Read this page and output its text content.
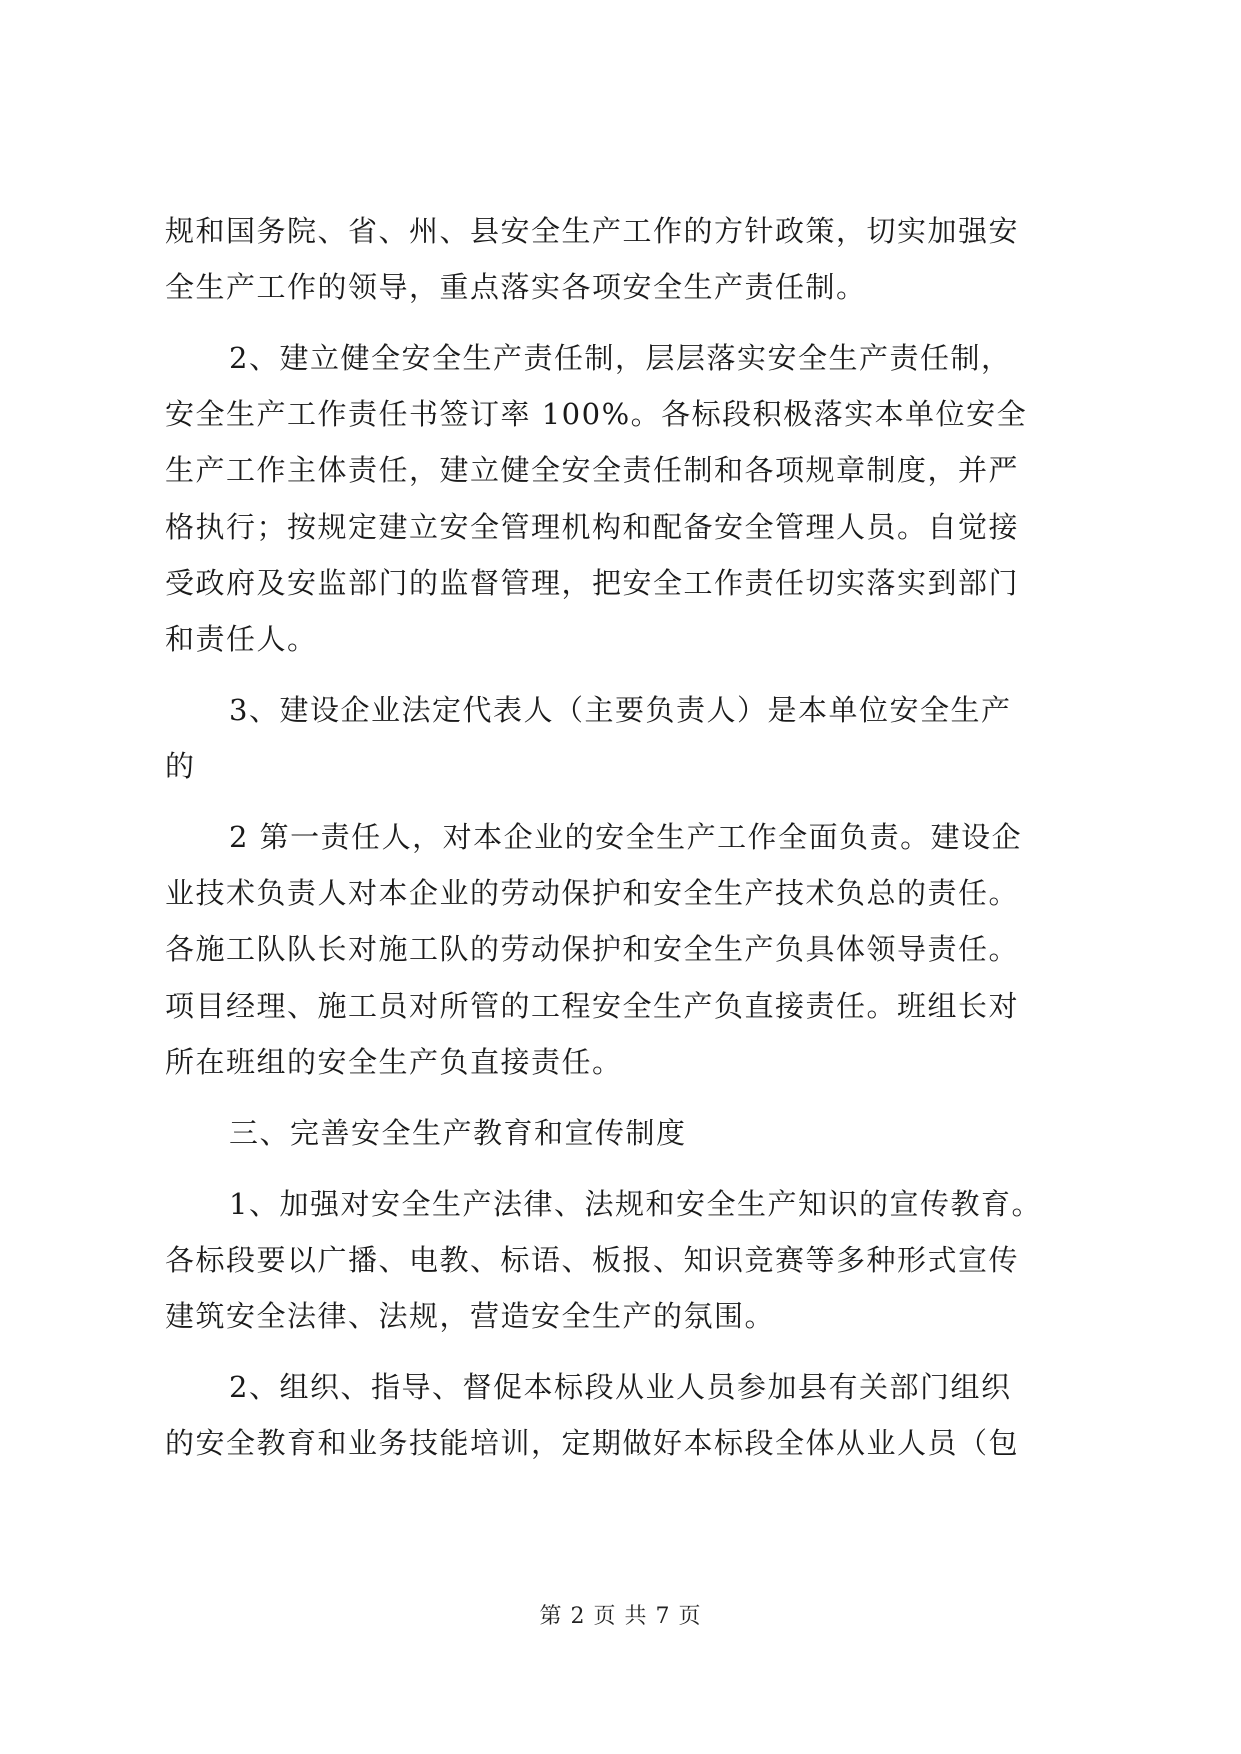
规和国务院、省、州、县安全生产工作的方针政策，切实加强安
全生产工作的领导，重点落实各项安全生产责任制。
2、建立健全安全生产责任制，层层落实安全生产责任制，
安全生产工作责任书签订率 100%。各标段积极落实本单位安全
生产工作主体责任，建立健全安全责任制和各项规章制度，并严
格执行；按规定建立安全管理机构和配备安全管理人员。自觉接
受政府及安监部门的监督管理，把安全工作责任切实落实到部门
和责任人。
3、建设企业法定代表人（主要负责人）是本单位安全生产
的
2 第一责任人，对本企业的安全生产工作全面负责。建设企
业技术负责人对本企业的劳动保护和安全生产技术负总的责任。
各施工队队长对施工队的劳动保护和安全生产负具体领导责任。
项目经理、施工员对所管的工程安全生产负直接责任。班组长对
所在班组的安全生产负直接责任。
三、完善安全生产教育和宣传制度
1、加强对安全生产法律、法规和安全生产知识的宣传教育。
各标段要以广播、电教、标语、板报、知识竞赛等多种形式宣传
建筑安全法律、法规，营造安全生产的氛围。
2、组织、指导、督促本标段从业人员参加县有关部门组织
的安全教育和业务技能培训，定期做好本标段全体从业人员（包
第 2 页 共 7 页
